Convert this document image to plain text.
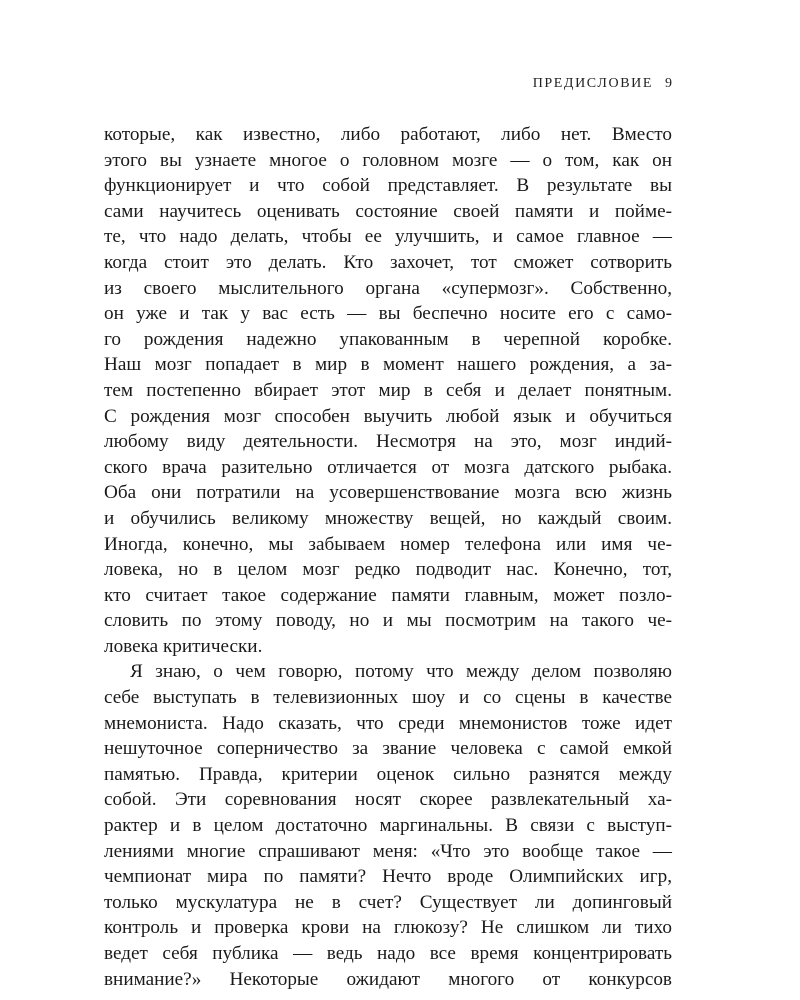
ПРЕДИСЛОВИЕ 9
которые, как известно, либо работают, либо нет. Вместо
этого вы узнаете многое о головном мозге — о том, как он
функционирует и что собой представляет. В результате вы
сами научитесь оценивать состояние своей памяти и пойме-
те, что надо делать, чтобы ее улучшить, и самое главное —
когда стоит это делать. Кто захочет, тот сможет сотворить
из своего мыслительного органа «супермозг». Собственно,
он уже и так у вас есть — вы беспечно носите его с само-
го рождения надежно упакованным в черепной коробке.
Наш мозг попадает в мир в момент нашего рождения, а за-
тем постепенно вбирает этот мир в себя и делает понятным.
С рождения мозг способен выучить любой язык и обучиться
любому виду деятельности. Несмотря на это, мозг индий-
ского врача разительно отличается от мозга датского рыбака.
Оба они потратили на усовершенствование мозга всю жизнь
и обучились великому множеству вещей, но каждый своим.
Иногда, конечно, мы забываем номер телефона или имя че-
ловека, но в целом мозг редко подводит нас. Конечно, тот,
кто считает такое содержание памяти главным, может позло-
словить по этому поводу, но и мы посмотрим на такого че-
ловека критически.
Я знаю, о чем говорю, потому что между делом позволяю
себе выступать в телевизионных шоу и со сцены в качестве
мнемониста. Надо сказать, что среди мнемонистов тоже идет
нешуточное соперничество за звание человека с самой емкой
памятью. Правда, критерии оценок сильно разнятся между
собой. Эти соревнования носят скорее развлекательный ха-
рактер и в целом достаточно маргинальны. В связи с выступ-
лениями многие спрашивают меня: «Что это вообще такое —
чемпионат мира по памяти? Нечто вроде Олимпийских игр,
только мускулатура не в счет? Существует ли допинговый
контроль и проверка крови на глюкозу? Не слишком ли тихо
ведет себя публика — ведь надо все время концентрировать
внимание?» Некоторые ожидают многого от конкурсов
